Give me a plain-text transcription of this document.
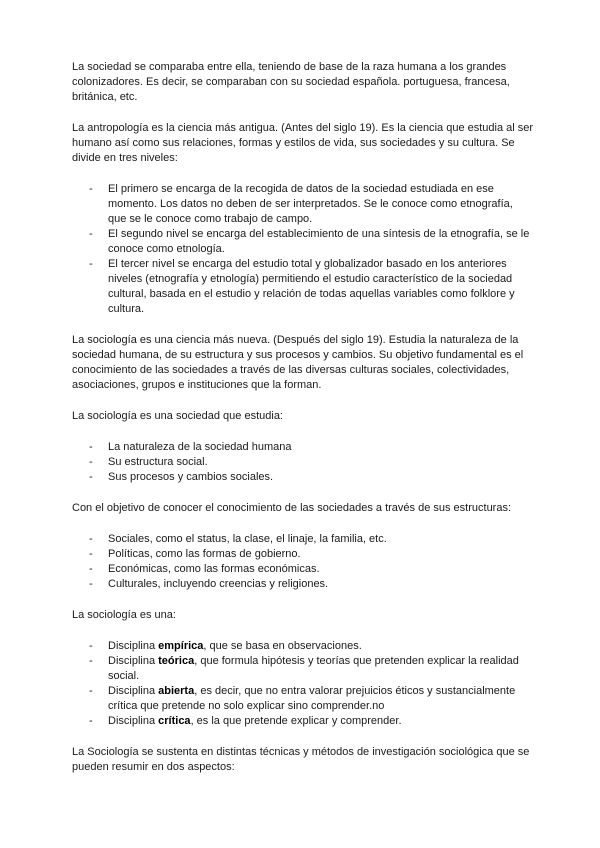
La sociedad se comparaba entre ella, teniendo de base de la raza humana a los grandes colonizadores. Es decir, se comparaban con su sociedad española. portuguesa, francesa, británica, etc.

La antropología es la ciencia más antigua. (Antes del siglo 19). Es la ciencia que estudia al ser humano así como sus relaciones, formas y estilos de vida, sus sociedades y su cultura. Se divide en tres niveles:

- El primero se encarga de la recogida de datos de la sociedad estudiada en ese momento. Los datos no deben de ser interpretados. Se le conoce como etnografía, que se le conoce como trabajo de campo.
- El segundo nivel se encarga del establecimiento de una síntesis de la etnografía, se le conoce como etnología.
- El tercer nivel se encarga del estudio total y globalizador basado en los anteriores niveles (etnografía y etnología) permitiendo el estudio característico de la sociedad cultural, basada en el estudio y relación de todas aquellas variables como folklore y cultura.

La sociología es una ciencia más nueva. (Después del siglo 19). Estudia la naturaleza de la sociedad humana, de su estructura y sus procesos y cambios. Su objetivo fundamental es el conocimiento de las sociedades a través de las diversas culturas sociales, colectividades, asociaciones, grupos e instituciones que la forman.

La sociología es una sociedad que estudia:

- La naturaleza de la sociedad humana
- Su estructura social.
- Sus procesos y cambios sociales.

Con el objetivo de conocer el conocimiento de las sociedades a través de sus estructuras:

- Sociales, como el status, la clase, el linaje, la familia, etc.
- Políticas, como las formas de gobierno.
- Económicas, como las formas económicas.
- Culturales, incluyendo creencias y religiones.

La sociología es una:

- Disciplina empírica, que se basa en observaciones.
- Disciplina teórica, que formula hipótesis y teorías que pretenden explicar la realidad social.
- Disciplina abierta, es decir, que no entra valorar prejuicios éticos y sustancialmente crítica que pretende no solo explicar sino comprender.no
- Disciplina crítica, es la que pretende explicar y comprender.

La Sociología se sustenta en distintas técnicas y métodos de investigación sociológica que se pueden resumir en dos aspectos:
